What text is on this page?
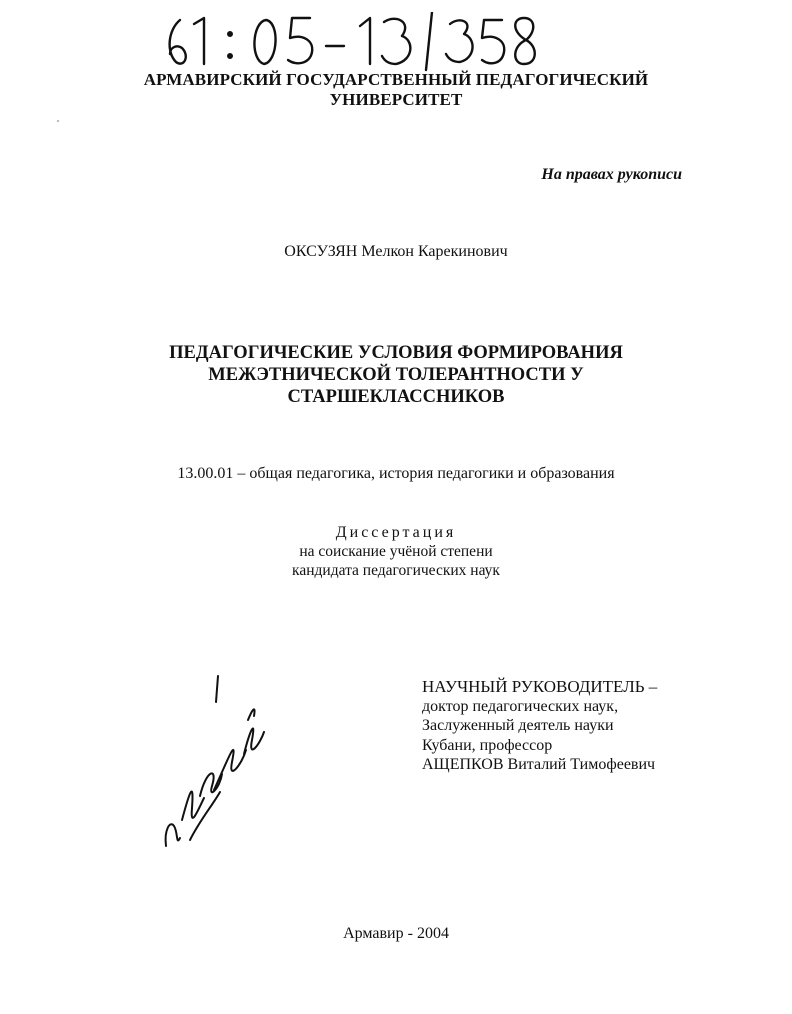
АРМАВИРСКИЙ ГОСУДАРСТВЕННЫЙ ПЕДАГОГИЧЕСКИЙ
УНИВЕРСИТЕТ
На правах рукописи
ОКСУЗЯН Мелкон Карекинович
ПЕДАГОГИЧЕСКИЕ УСЛОВИЯ ФОРМИРОВАНИЯ
МЕЖЭТНИЧЕСКОЙ ТОЛЕРАНТНОСТИ У
СТАРШЕКЛАССНИКОВ
13.00.01 – общая педагогика, история педагогики и образования
Диссертация
на соискание учёной степени
кандидата педагогических наук
НАУЧНЫЙ РУКОВОДИТЕЛЬ –
доктор педагогических наук,
Заслуженный деятель науки
Кубани, профессор
АЩЕПКОВ Виталий Тимофеевич
Армавир - 2004
